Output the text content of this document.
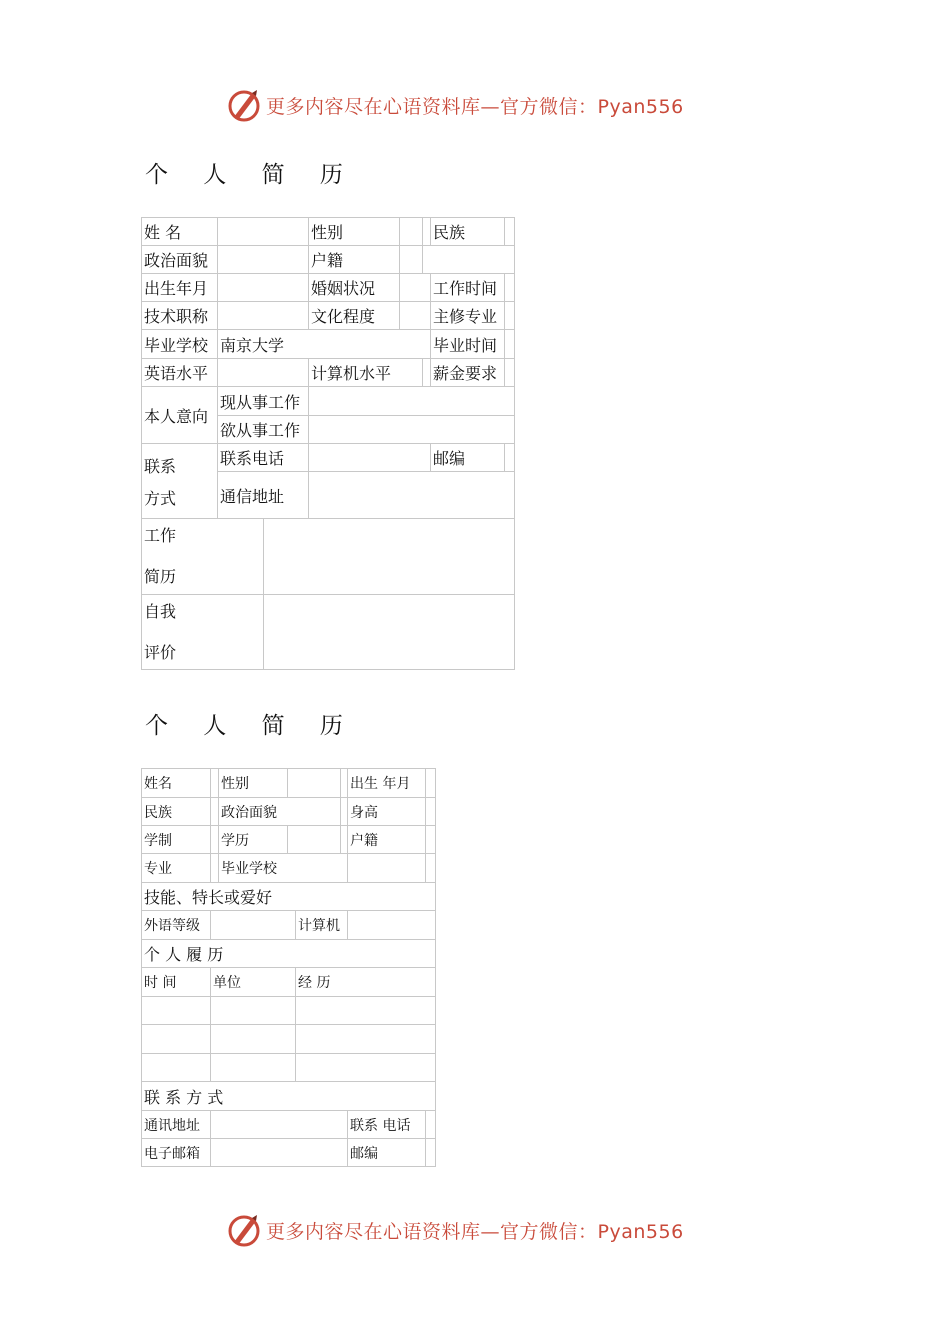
更多内容尽在心语资料库—官方微信：Pyan556
个 人 简 历
姓 名			性别			民族	
政治面貌			户籍				
出生年月			婚姻状况			工作时间	
技术职称			文化程度			主修专业	
毕业学校	南京大学					毕业时间	
英语水平			计算机水平			薪金要求	
本人意向	现从事工作						
	欲从事工作						

联系
方式	联系电话					邮编	
	通信地址						

工作
简历							

自我
评价							

个 人 简 历
姓名		性别				出生 年月	
民族		政治面貌				身高	
学制		学历				户籍	
专业		毕业学校					
技能、特长或爱好							
外语等级				计算机			
个 人 履 历							
时 间	单位			经 历			

联 系 方 式							
通讯地址						联系 电话	
电子邮箱						邮编	
更多内容尽在心语资料库—官方微信：Pyan556
